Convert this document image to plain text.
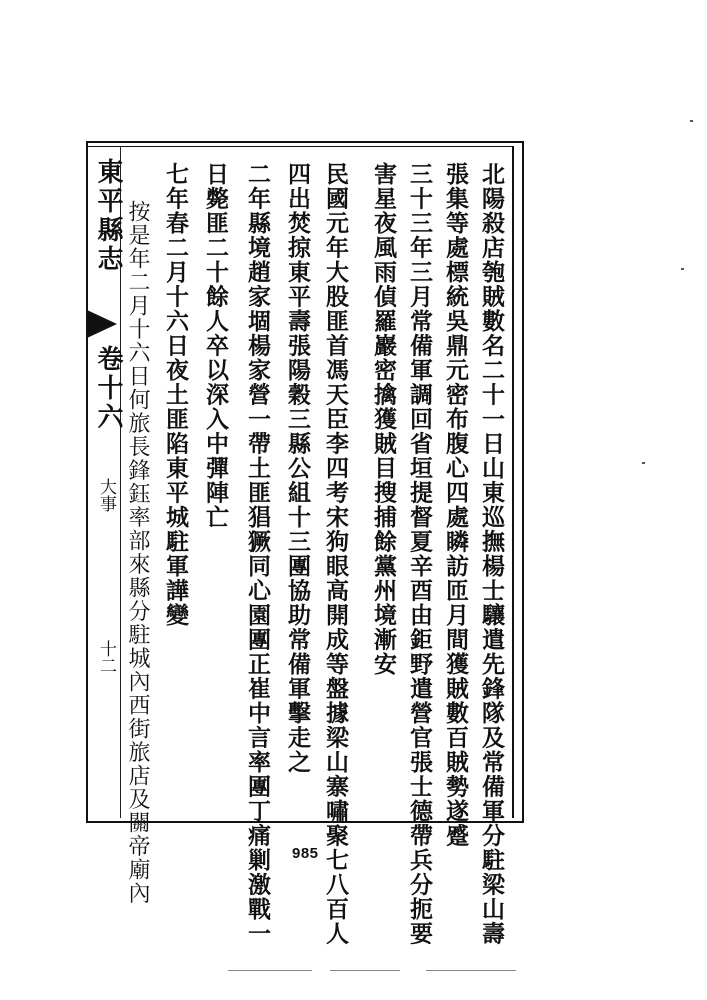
北陽殺店匏賊數名二十一日山東巡撫楊士驤遣先鋒隊及常備軍分駐梁山壽
張集等處標統吳鼎元密布腹心四處瞵訪匝月間獲賊數百賊勢遂蹙
三十三年三月常備軍調回省垣提督夏辛酉由鉅野遣營官張士德帶兵分扼要
害星夜風雨偵羅巖密擒獲賊目搜捕餘黨州境漸安
民國元年大股匪首馮天臣李四考宋狗眼高開成等盤據梁山寨嘯聚七八百人
四出焚掠東平壽張陽穀三縣公組十三團協助常備軍擊走之
二年縣境趙家堌楊家營一帶土匪猖獗同心園團正崔中言率團丁痛剿激戰一
日斃匪二十餘人卒以深入中彈陣亡
七年春二月十六日夜土匪陷東平城駐軍譁變
按是年二月十六日何旅長鋒鈺率部來縣分駐城內西街旅店及關帝廟內
東平縣志
卷十六
大事
十二
985
